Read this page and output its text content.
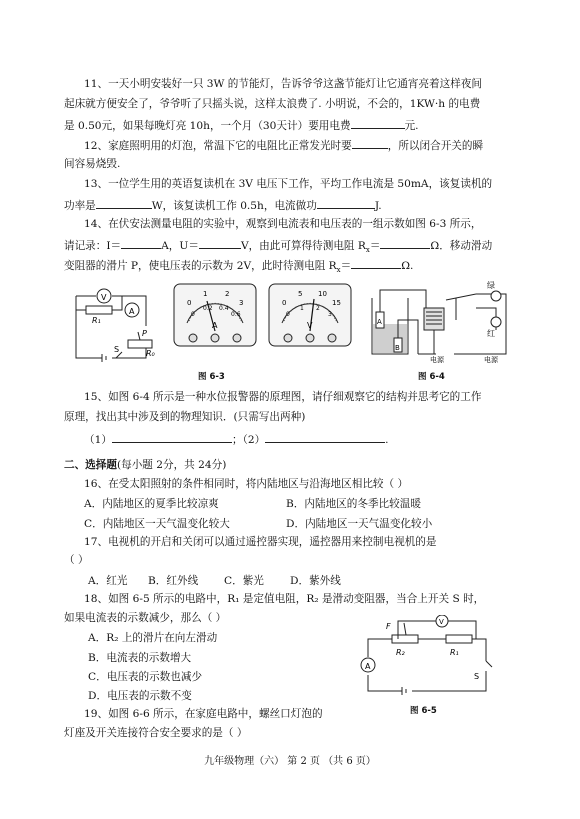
11、一天小明安装好一只 3W 的节能灯，告诉爷爷这盏节能灯让它通宵亮着这样夜间
起床就方便安全了，爷爷听了只摇头说，这样太浪费了. 小明说，不会的，1KW·h 的电费
是 0.50元，如果每晚灯亮 10h，一个月（30天计）要用电费	元.
12、家庭照明用的灯泡，常温下它的电阻比正常发光时要	，所以闭合开关的瞬
间容易烧毁.
13、一位学生用的英语复读机在 3V 电压下工作，平均工作电流是 50mA，该复读机的
功率是	W，该复读机工作 0.5h，电流做功	J.
14、在伏安法测量电阻的实验中，观察到电流表和电压表的一组示数如图 6-3 所示，
请记录：I＝	A，U＝	V，由此可算得待测电阻 $R_x=$	Ω．移动滑动
变阻器的滑片 P，使电压表的示数为 2V，此时待测电阻 $R_x=$	Ω.
V
A
R₁
P
S	R₀
0
1	2
3
0
0.2 0.4
0.6
A
0
5 10
15
0
1 2
3
V
图 6-3
绿
红
A
B
电源	电源
图 6-4
15、如图 6-4 所示是一种水位报警器的原理图，请仔细观察它的结构并思考它的工作
原理，找出其中涉及到的物理知识．(只需写出两种)
（1）	；（2）	.
二、选择题(每小题 2分，共 24分)
16、在受太阳照射的条件相同时，将内陆地区与沿海地区相比较（ ）
A．内陆地区的夏季比较凉爽	B．内陆地区的冬季比较温暖
C．内陆地区一天气温变化较大	D．内陆地区一天气温变化较小
17、电视机的开启和关闭可以通过遥控器实现，遥控器用来控制电视机的是
（ ）
A．红光 B．红外线 C．紫光 D．紫外线
18、如图 6-5 所示的电路中，R₁ 是定值电阻，R₂ 是滑动变阻器，当合上开关 S 时，
如果电流表的示数减少，那么（ ）
A．R₂ 上的滑片在向左滑动
B．电流表的示数增大
C．电压表的示数也减少
D．电压表的示数不变
A
V
F
R₂	R₁
S
图 6-5
19、如图 6-6 所示，在家庭电路中，螺丝口灯泡的
灯座及开关连接符合安全要求的是（ ）
九年级物理（六） 第 2 页 （共 6 页）
